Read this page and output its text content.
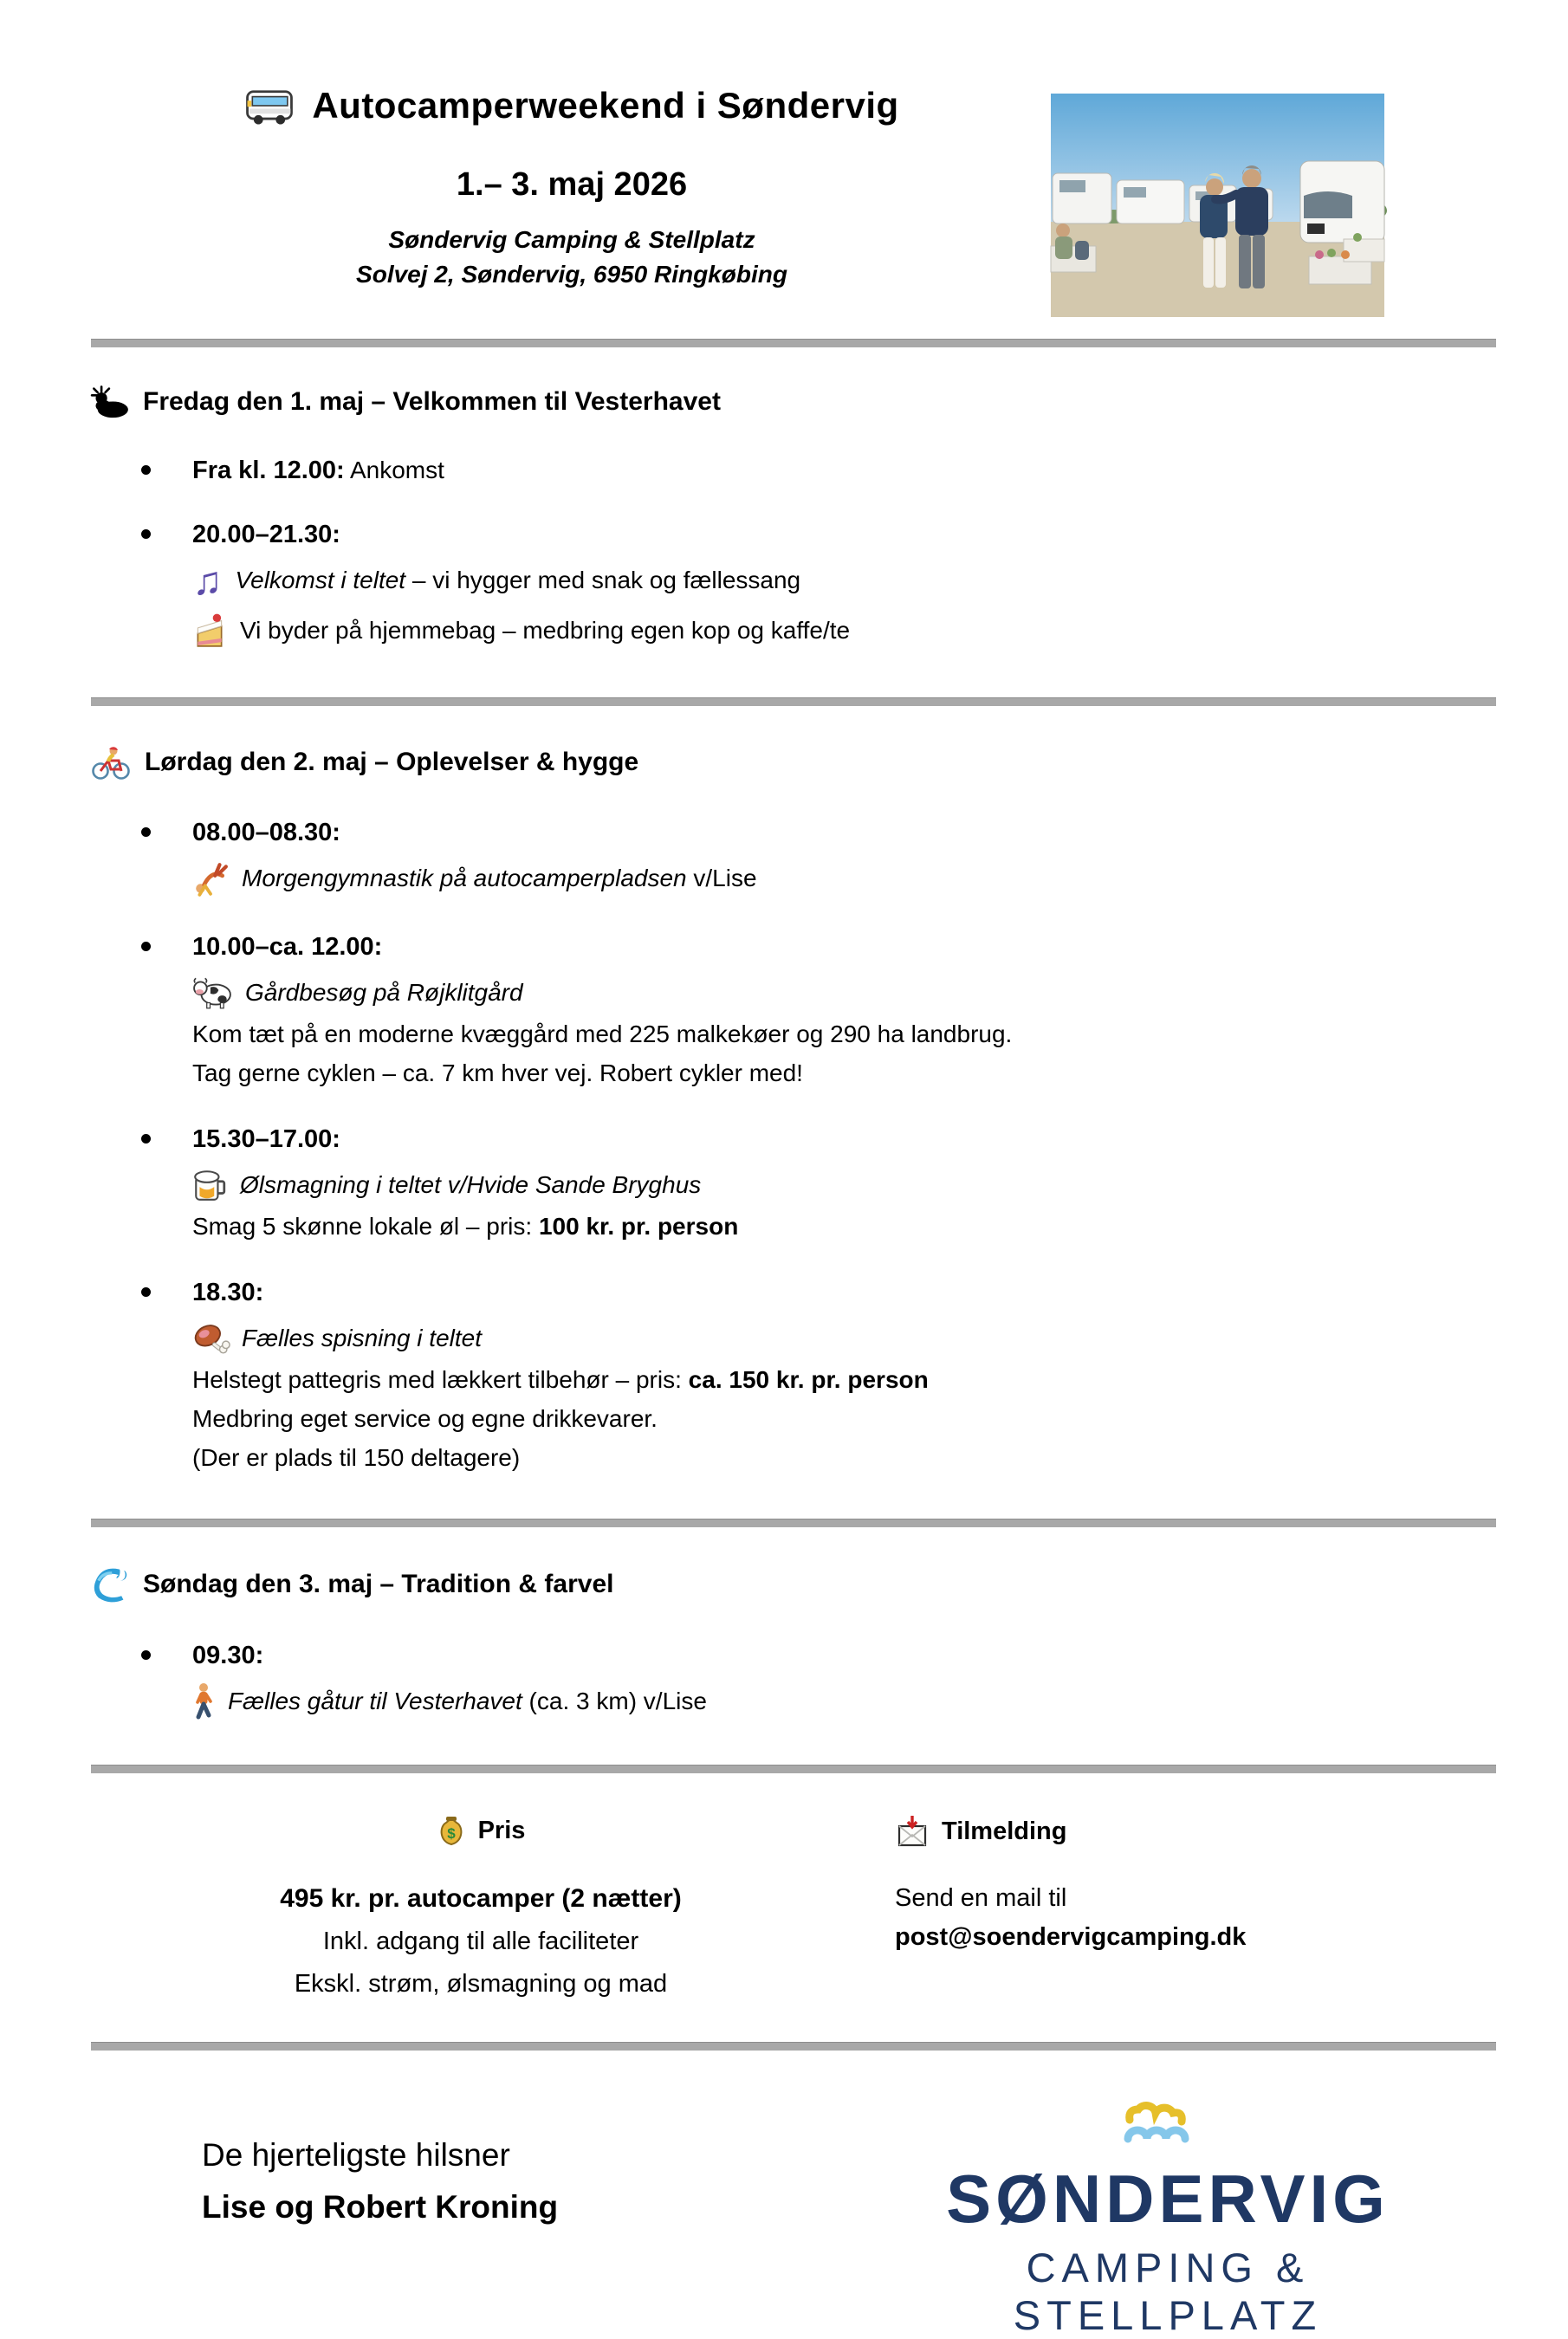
Autocamperweekend i Søndervig
1.– 3. maj 2026
Søndervig Camping & Stellplatz
Solvej 2, Søndervig, 6950 Ringkøbing
Fredag den 1. maj – Velkommen til Vesterhavet
Fra kl. 12.00: Ankomst
20.00–21.30:
♫ Velkomst i teltet – vi hygger med snak og fællessang
Vi byder på hjemmebag – medbring egen kop og kaffe/te
Lørdag den 2. maj – Oplevelser & hygge
08.00–08.30:
Morgengymnastik på autocamperpladsen v/Lise
10.00–ca. 12.00:
Gårdbesøg på Røjklitgård
Kom tæt på en moderne kvæggård med 225 malkekøer og 290 ha landbrug.
Tag gerne cyklen – ca. 7 km hver vej. Robert cykler med!
15.30–17.00:
Ølsmagning i teltet v/Hvide Sande Bryghus
Smag 5 skønne lokale øl – pris: 100 kr. pr. person
18.30:
Fælles spisning i teltet
Helstegt pattegris med lækkert tilbehør – pris: ca. 150 kr. pr. person
Medbring eget service og egne drikkevarer.
(Der er plads til 150 deltagere)
Søndag den 3. maj – Tradition & farvel
09.30:
Fælles gåtur til Vesterhavet (ca. 3 km) v/Lise
$ Pris
495 kr. pr. autocamper (2 nætter)
Inkl. adgang til alle faciliteter
Ekskl. strøm, ølsmagning og mad
Tilmelding
Send en mail til
post@soendervigcamping.dk
De hjerteligste hilsner
Lise og Robert Kroning	SØNDERVIG
CAMPING & STELLPLATZ
